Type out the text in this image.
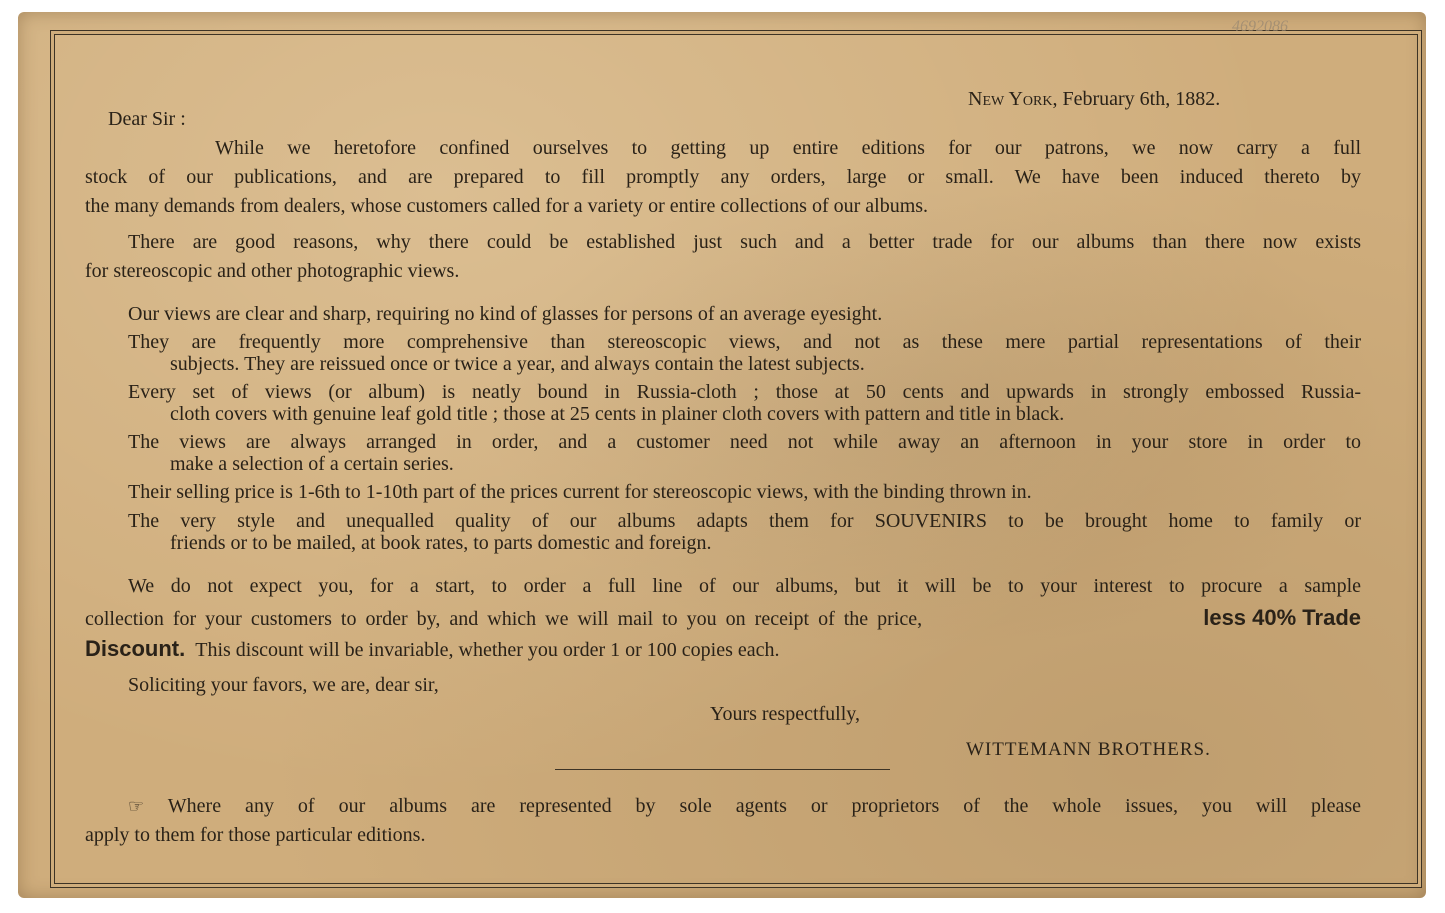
4692086
New York, February 6th, 1882.
Dear Sir :
While we heretofore confined ourselves to getting up entire editions for our patrons, we now carry a full
stock of our publications, and are prepared to fill promptly any orders, large or small. We have been induced thereto by
the many demands from dealers, whose customers called for a variety or entire collections of our albums.
There are good reasons, why there could be established just such and a better trade for our albums than there now exists
for stereoscopic and other photographic views.
Our views are clear and sharp, requiring no kind of glasses for persons of an average eyesight.
They are frequently more comprehensive than stereoscopic views, and not as these mere partial representations of their
subjects. They are reissued once or twice a year, and always contain the latest subjects.
Every set of views (or album) is neatly bound in Russia-cloth ; those at 50 cents and upwards in strongly embossed Russia-
cloth covers with genuine leaf gold title ; those at 25 cents in plainer cloth covers with pattern and title in black.
The views are always arranged in order, and a customer need not while away an afternoon in your store in order to
make a selection of a certain series.
Their selling price is 1-6th to 1-10th part of the prices current for stereoscopic views, with the binding thrown in.
The very style and unequalled quality of our albums adapts them for SOUVENIRS to be brought home to family or
friends or to be mailed, at book rates, to parts domestic and foreign.
We do not expect you, for a start, to order a full line of our albums, but it will be to your interest to procure a sample
collection for your customers to order by, and which we will mail to you on receipt of the price,	less 40% Trade
Discount. This discount will be invariable, whether you order 1 or 100 copies each.
Soliciting your favors, we are, dear sir,
Yours respectfully,
WITTEMANN BROTHERS.
☞ Where any of our albums are represented by sole agents or proprietors of the whole issues, you will please
apply to them for those particular editions.
